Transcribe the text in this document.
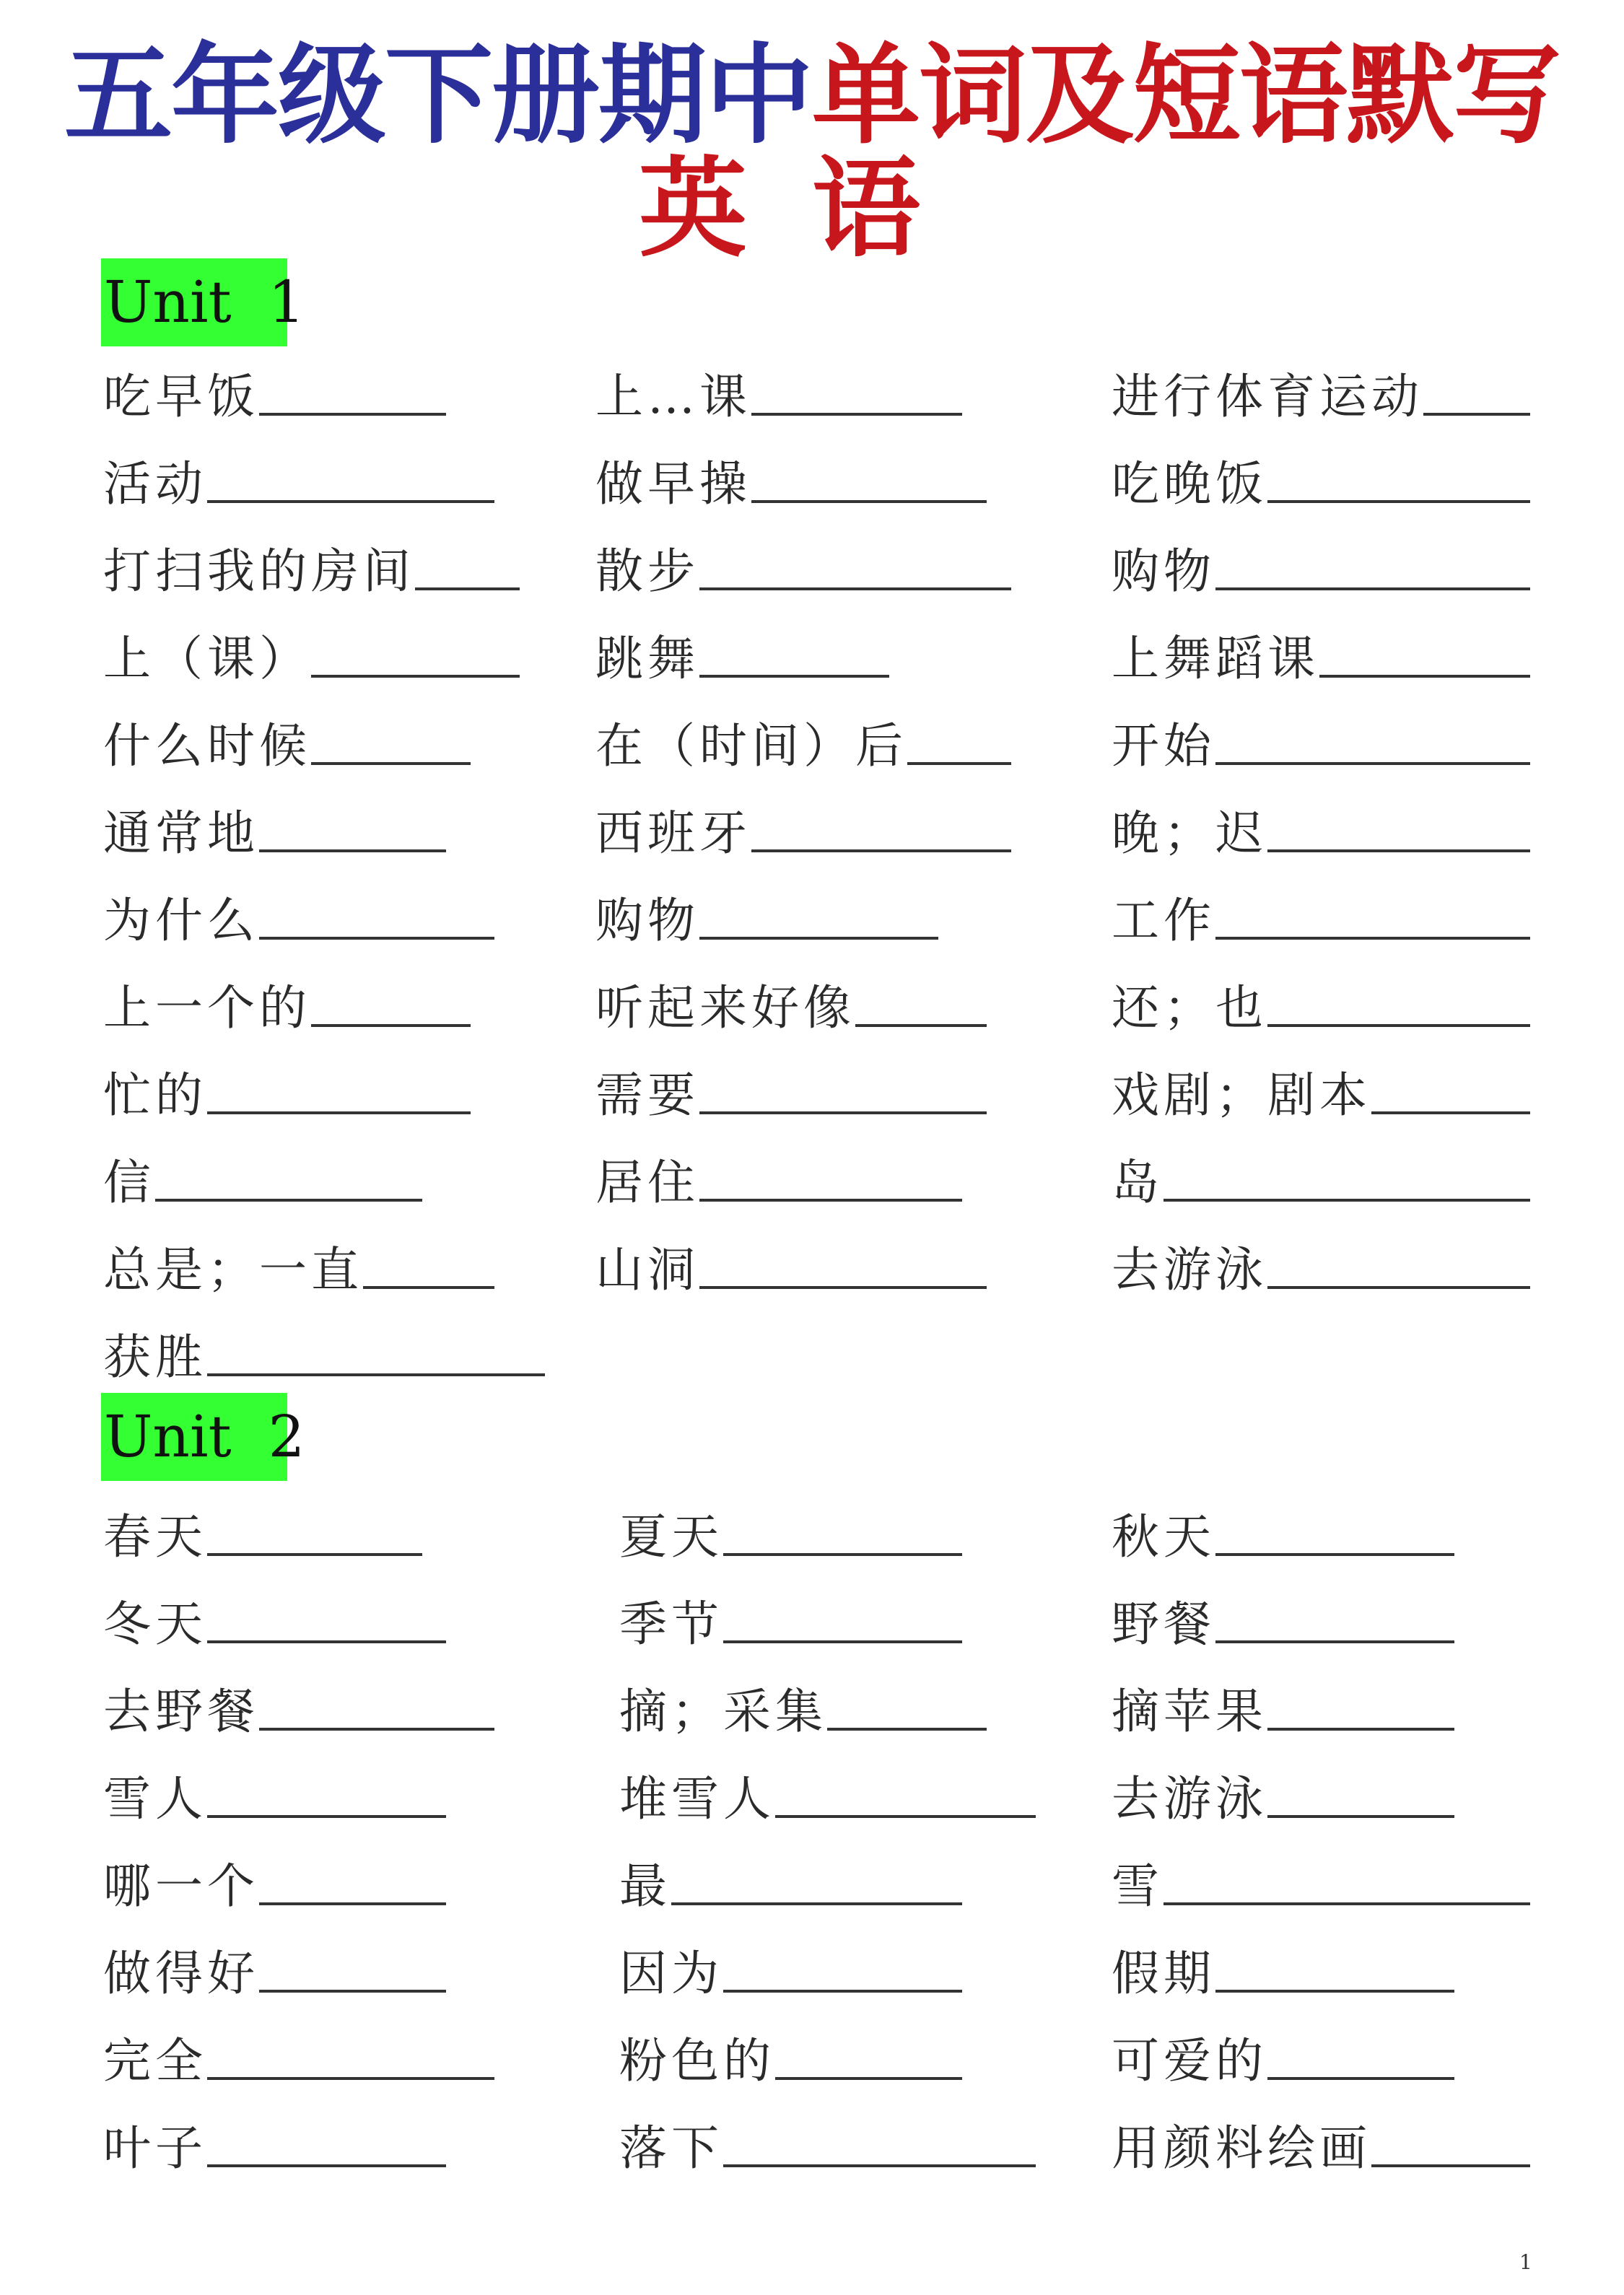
五年级下册期中单词及短语默写
英语
Unit  1
Unit  2
吃早饭
活动
打扫我的房间
上（课）
什么时候
通常地
为什么
上一个的
忙的
信
总是；一直
获胜
上…课
做早操
散步
跳舞
在（时间）后
西班牙
购物
听起来好像
需要
居住
山洞
进行体育运动
吃晚饭
购物
上舞蹈课
开始
晚；迟
工作
还；也
戏剧；剧本
岛
去游泳
春天
冬天
去野餐
雪人
哪一个
做得好
完全
叶子
夏天
季节
摘；采集
堆雪人
最
因为
粉色的
落下
秋天
野餐
摘苹果
去游泳
雪
假期
可爱的
用颜料绘画
1
